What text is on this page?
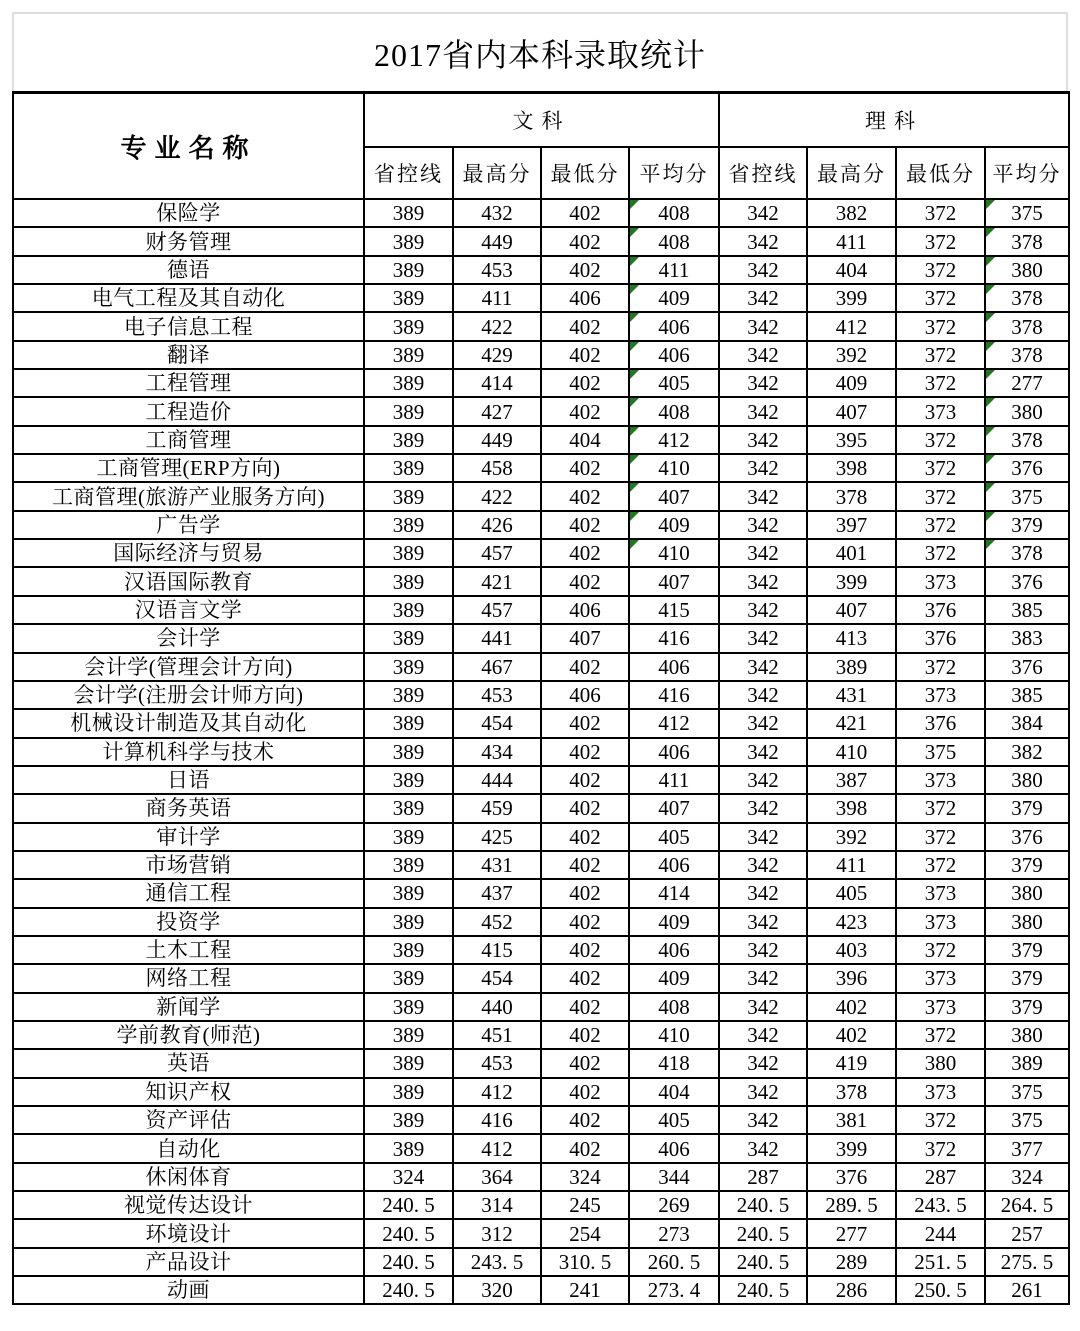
2017省内本科录取统计
专业名称	文科				理科			
	省控线	最高分	最低分	平均分	省控线	最高分	最低分	平均分
保险学	389	432	402	408	342	382	372	375
财务管理	389	449	402	408	342	411	372	378
德语	389	453	402	411	342	404	372	380
电气工程及其自动化	389	411	406	409	342	399	372	378
电子信息工程	389	422	402	406	342	412	372	378
翻译	389	429	402	406	342	392	372	378
工程管理	389	414	402	405	342	409	372	277
工程造价	389	427	402	408	342	407	373	380
工商管理	389	449	404	412	342	395	372	378
工商管理(ERP方向)	389	458	402	410	342	398	372	376
工商管理(旅游产业服务方向)	389	422	402	407	342	378	372	375
广告学	389	426	402	409	342	397	372	379
国际经济与贸易	389	457	402	410	342	401	372	378
汉语国际教育	389	421	402	407	342	399	373	376
汉语言文学	389	457	406	415	342	407	376	385
会计学	389	441	407	416	342	413	376	383
会计学(管理会计方向)	389	467	402	406	342	389	372	376
会计学(注册会计师方向)	389	453	406	416	342	431	373	385
机械设计制造及其自动化	389	454	402	412	342	421	376	384
计算机科学与技术	389	434	402	406	342	410	375	382
日语	389	444	402	411	342	387	373	380
商务英语	389	459	402	407	342	398	372	379
审计学	389	425	402	405	342	392	372	376
市场营销	389	431	402	406	342	411	372	379
通信工程	389	437	402	414	342	405	373	380
投资学	389	452	402	409	342	423	373	380
土木工程	389	415	402	406	342	403	372	379
网络工程	389	454	402	409	342	396	373	379
新闻学	389	440	402	408	342	402	373	379
学前教育(师范)	389	451	402	410	342	402	372	380
英语	389	453	402	418	342	419	380	389
知识产权	389	412	402	404	342	378	373	375
资产评估	389	416	402	405	342	381	372	375
自动化	389	412	402	406	342	399	372	377
休闲体育	324	364	324	344	287	376	287	324
视觉传达设计	240. 5	314	245	269	240. 5	289. 5	243. 5	264. 5
环境设计	240. 5	312	254	273	240. 5	277	244	257
产品设计	240. 5	243. 5	310. 5	260. 5	240. 5	289	251. 5	275. 5
动画	240. 5	320	241	273. 4	240. 5	286	250. 5	261
